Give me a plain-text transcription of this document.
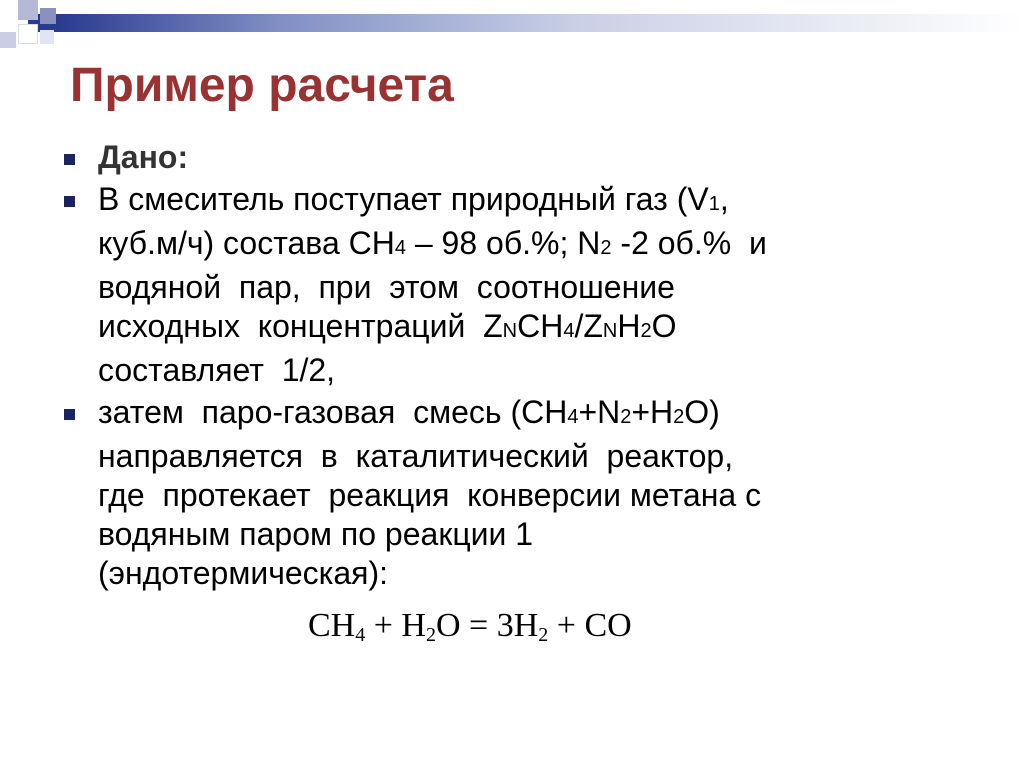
Пример расчета
Дано:
В смеситель поступает природный газ (V1,
куб.м/ч) состава CH4 – 98 об.%; N2 -2 об.%  и
водяной  пар,  при  этом  соотношение
исходных  концентраций  ZNCH4/ZNH2O
составляет  1/2,
затем  паро-газовая  смесь (CH4+N2+H2O)
направляется  в  каталитический  реактор,
где  протекает  реакция  конверсии метана с
водяным паром по реакции 1
(эндотермическая):
CH4 + H2O = 3H2 + CO
